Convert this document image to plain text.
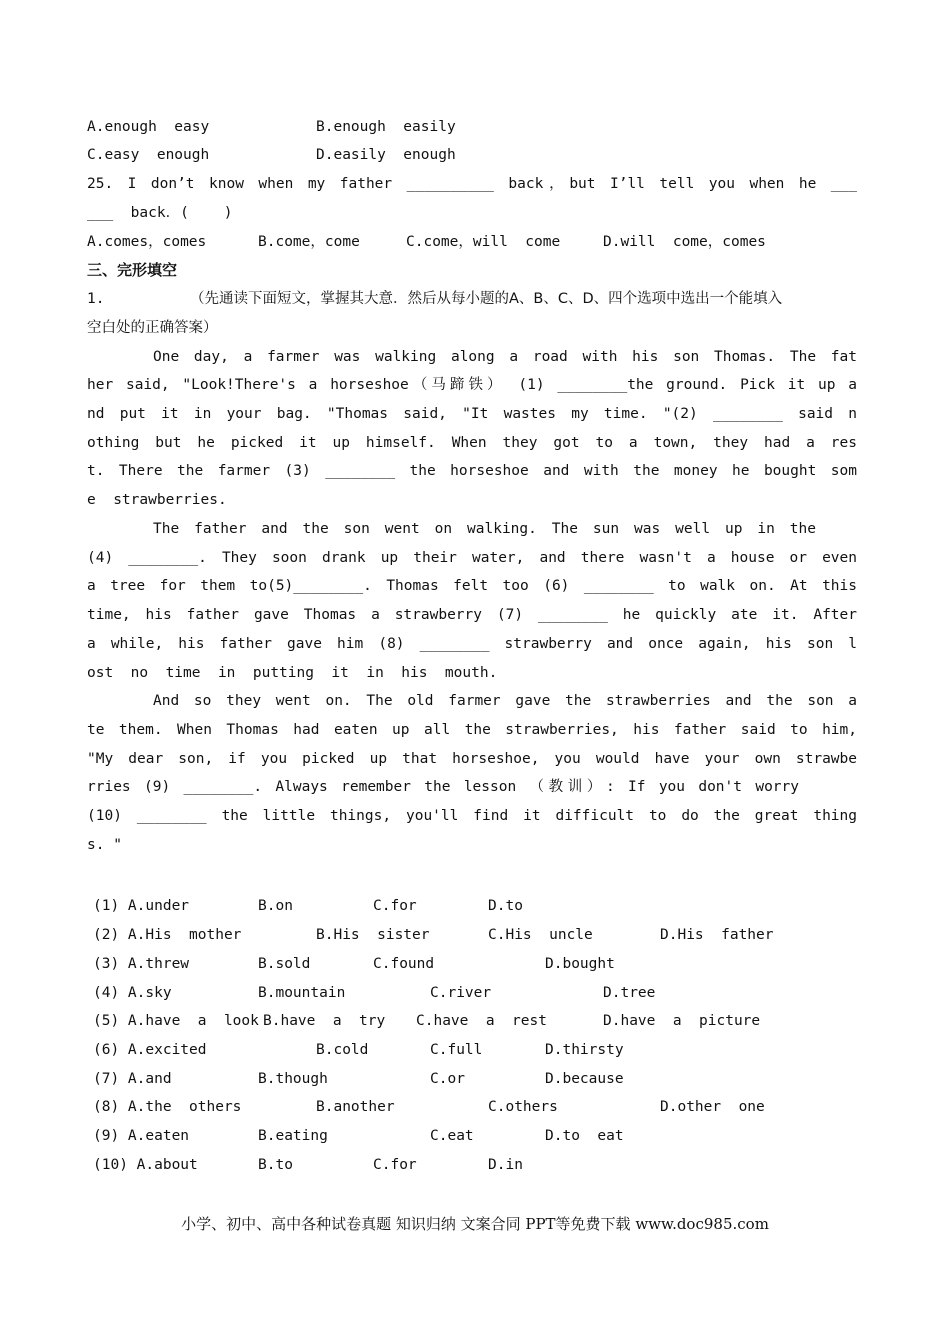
A.enough  easy	B.enough  easily
C.easy  enough	D.easily  enough
25. I don’t know when my father __________ back，but I’ll tell you when he ___
___  back．(    )
A.comes，comes	B.come，come	C.come，will  come	D.will  come，comes
三、完形填空
1.	（先通读下面短文，掌握其大意．然后从每小题的A、B、C、D、四个选项中选出一个能填入
空白处的正确答案）
One day, a farmer was walking along a road with his son Thomas. The fat
her said, "Look!There's a horseshoe（马蹄铁） (1) ________the ground. Pick it up a
nd put it in your bag. "Thomas said, "It wastes my time. "(2) ________ said n
othing but he picked it up himself. When they got to a town, they had a res
t. There the farmer (3) ________ the horseshoe and with the money he bought som
e  strawberries.
The father and the son went on walking. The sun was well up in the
(4) ________. They soon drank up their water, and there wasn't a house or even
a tree for them to(5)________. Thomas felt too (6) ________ to walk on. At this
time, his father gave Thomas a strawberry (7) ________ he quickly ate it. After
a while, his father gave him (8) ________ strawberry and once again, his son l
ost  no  time  in  putting  it  in  his  mouth.
And so they went on. The old farmer gave the strawberries and the son a
te them. When Thomas had eaten up all the strawberries, his father said to him,
"My dear son, if you picked up that horseshoe, you would have your own strawbe
rries (9) ________. Always remember the lesson （教训）: If you don't worry
(10) ________ the little things, you'll find it difficult to do the great thing
s. "
(1) A.under	B.on	C.for	D.to
(2) A.His  mother	B.His  sister	C.His  uncle	D.His  father
(3) A.threw	B.sold	C.found	D.bought
(4) A.sky	B.mountain	C.river	D.tree
(5) A.have  a  look B.have  a  try C.have  a  rest	D.have  a  picture
(6) A.excited	B.cold	C.full	D.thirsty
(7) A.and	B.though	C.or	D.because
(8) A.the  others	B.another	C.others	D.other  one
(9) A.eaten	B.eating	C.eat	D.to  eat
(10) A.about	B.to	C.for	D.in
小学、初中、高中各种试卷真题 知识归纳 文案合同 PPT等免费下载 www.doc985.com
